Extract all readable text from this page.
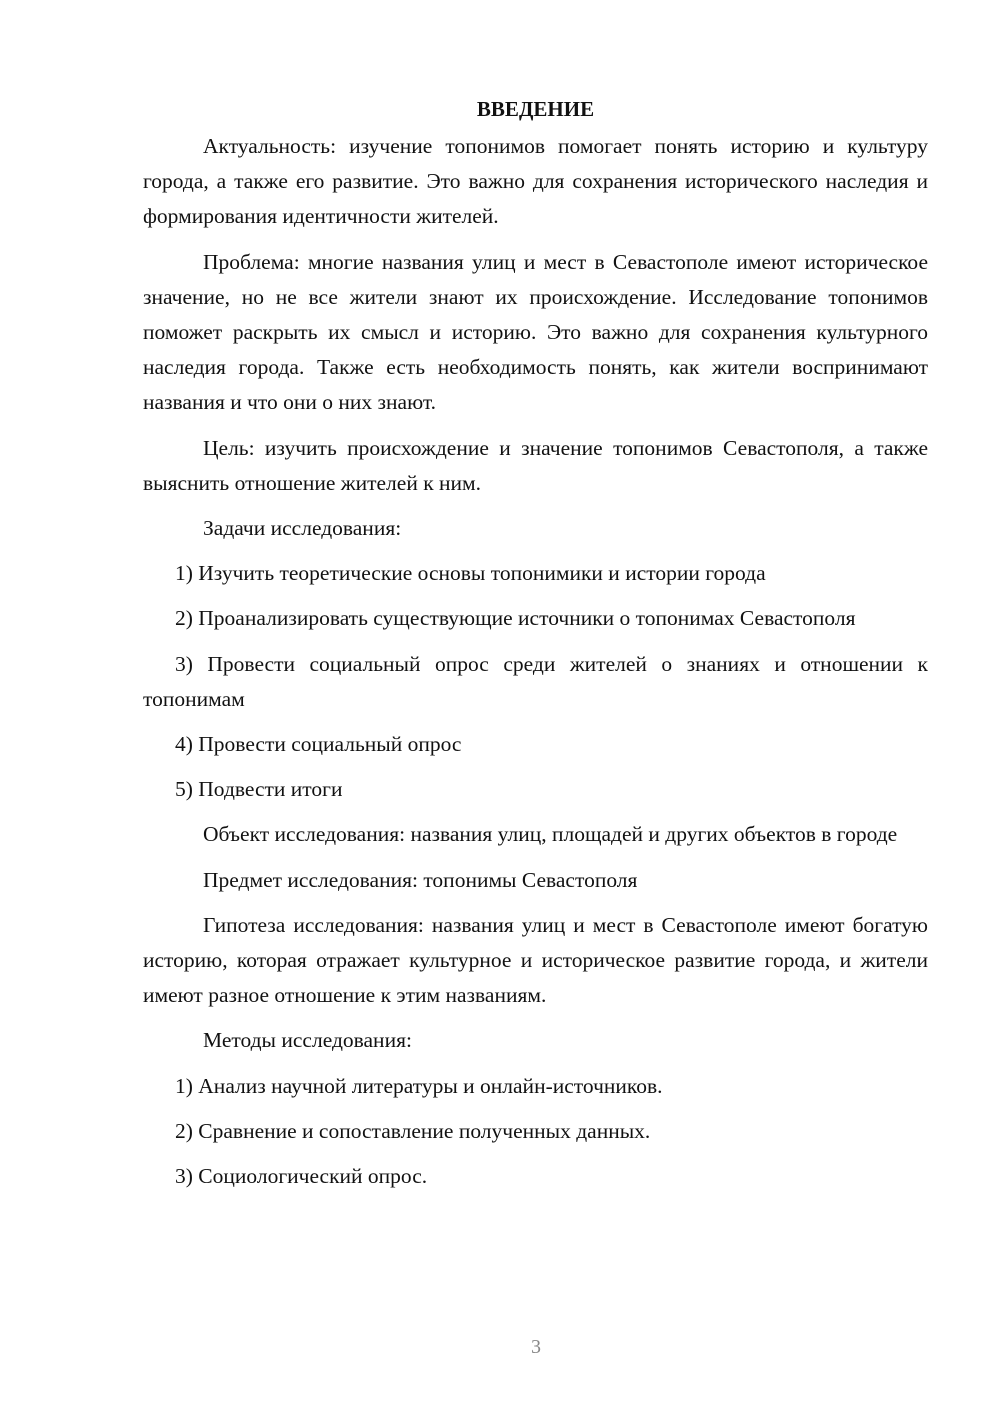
ВВЕДЕНИЕ

Актуальность: изучение топонимов помогает понять историю и культуру города, а также его развитие. Это важно для сохранения исторического наследия и формирования идентичности жителей.

Проблема: многие названия улиц и мест в Севастополе имеют историческое значение, но не все жители знают их происхождение. Исследование топонимов поможет раскрыть их смысл и историю. Это важно для сохранения культурного наследия города. Также есть необходимость понять, как жители воспринимают названия и что они о них знают.

Цель: изучить происхождение и значение топонимов Севастополя, а также выяснить отношение жителей к ним.

Задачи исследования:

1) Изучить теоретические основы топонимики и истории города

2) Проанализировать существующие источники о топонимах Севастополя

3) Провести социальный опрос среди жителей о знаниях и отношении к топонимам

4) Провести социальный опрос

5) Подвести итоги

Объект исследования: названия улиц, площадей и других объектов в городе

Предмет исследования: топонимы Севастополя

Гипотеза исследования: названия улиц и мест в Севастополе имеют богатую историю, которая отражает культурное и историческое развитие города, и жители имеют разное отношение к этим названиям.

Методы исследования:

1) Анализ научной литературы и онлайн-источников.

2) Сравнение и сопоставление полученных данных.

3) Социологический опрос.

3
